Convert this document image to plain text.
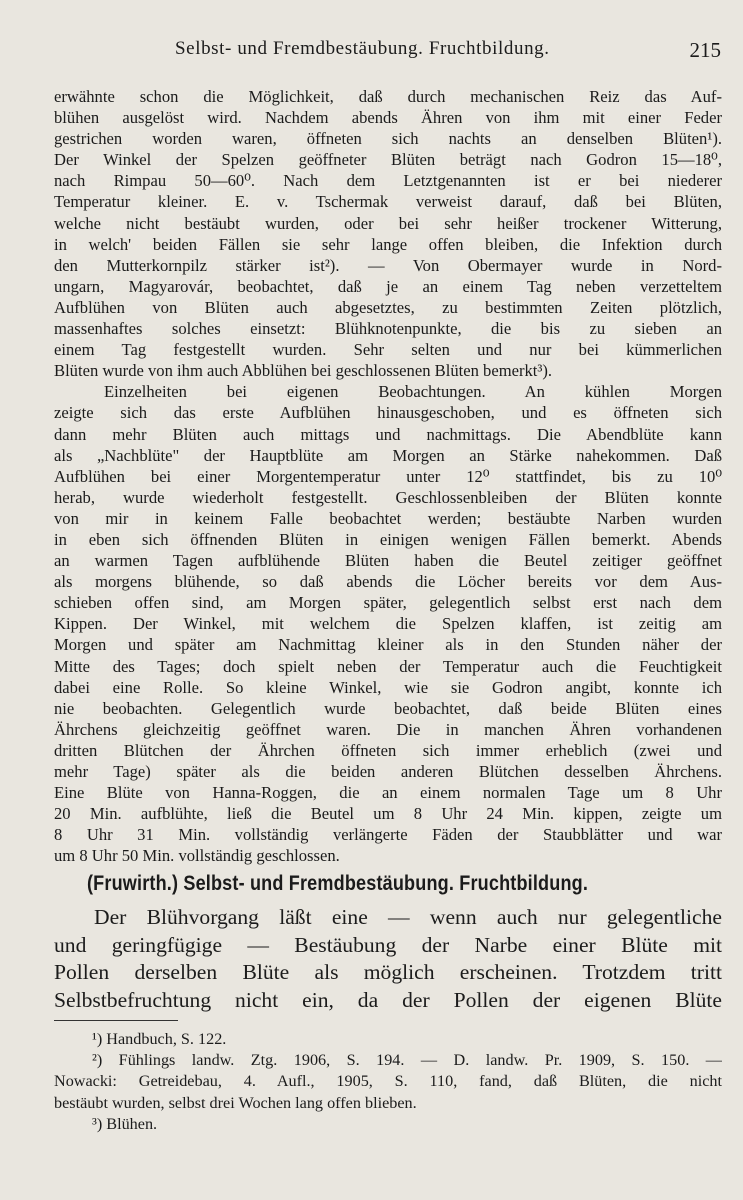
Selbst- und Fremdbestäubung. Fruchtbildung.	215
erwähnte schon die Möglichkeit, daß durch mechanischen Reiz das Auf-
blühen ausgelöst wird. Nachdem abends Ähren von ihm mit einer Feder
gestrichen worden waren, öffneten sich nachts an denselben Blüten¹).
Der Winkel der Spelzen geöffneter Blüten beträgt nach Godron 15—18⁰,
nach Rimpau 50—60⁰. Nach dem Letztgenannten ist er bei niederer
Temperatur kleiner. E. v. Tschermak verweist darauf, daß bei Blüten,
welche nicht bestäubt wurden, oder bei sehr heißer trockener Witterung,
in welch' beiden Fällen sie sehr lange offen bleiben, die Infektion durch
den Mutterkornpilz stärker ist²). — Von Obermayer wurde in Nord-
ungarn, Magyarovár, beobachtet, daß je an einem Tag neben verzetteltem
Aufblühen von Blüten auch abgesetztes, zu bestimmten Zeiten plötzlich,
massenhaftes solches einsetzt: Blühknotenpunkte, die bis zu sieben an
einem Tag festgestellt wurden. Sehr selten und nur bei kümmerlichen
Blüten wurde von ihm auch Abblühen bei geschlossenen Blüten bemerkt³).
Einzelheiten bei eigenen Beobachtungen. An kühlen Morgen
zeigte sich das erste Aufblühen hinausgeschoben, und es öffneten sich
dann mehr Blüten auch mittags und nachmittags. Die Abendblüte kann
als „Nachblüte" der Hauptblüte am Morgen an Stärke nahekommen. Daß
Aufblühen bei einer Morgentemperatur unter 12⁰ stattfindet, bis zu 10⁰
herab, wurde wiederholt festgestellt. Geschlossenbleiben der Blüten konnte
von mir in keinem Falle beobachtet werden; bestäubte Narben wurden
in eben sich öffnenden Blüten in einigen wenigen Fällen bemerkt. Abends
an warmen Tagen aufblühende Blüten haben die Beutel zeitiger geöffnet
als morgens blühende, so daß abends die Löcher bereits vor dem Aus-
schieben offen sind, am Morgen später, gelegentlich selbst erst nach dem
Kippen. Der Winkel, mit welchem die Spelzen klaffen, ist zeitig am
Morgen und später am Nachmittag kleiner als in den Stunden näher der
Mitte des Tages; doch spielt neben der Temperatur auch die Feuchtigkeit
dabei eine Rolle. So kleine Winkel, wie sie Godron angibt, konnte ich
nie beobachten. Gelegentlich wurde beobachtet, daß beide Blüten eines
Ährchens gleichzeitig geöffnet waren. Die in manchen Ähren vorhandenen
dritten Blütchen der Ährchen öffneten sich immer erheblich (zwei und
mehr Tage) später als die beiden anderen Blütchen desselben Ährchens.
Eine Blüte von Hanna-Roggen, die an einem normalen Tage um 8 Uhr
20 Min. aufblühte, ließ die Beutel um 8 Uhr 24 Min. kippen, zeigte um
8 Uhr 31 Min. vollständig verlängerte Fäden der Staubblätter und war
um 8 Uhr 50 Min. vollständig geschlossen.
(Fruwirth.) Selbst- und Fremdbestäubung. Fruchtbildung.
Der Blühvorgang läßt eine — wenn auch nur gelegentliche
und geringfügige — Bestäubung der Narbe einer Blüte mit
Pollen derselben Blüte als möglich erscheinen. Trotzdem tritt
Selbstbefruchtung nicht ein, da der Pollen der eigenen Blüte
¹) Handbuch, S. 122.
²) Fühlings landw. Ztg. 1906, S. 194. — D. landw. Pr. 1909, S. 150. —
Nowacki: Getreidebau, 4. Aufl., 1905, S. 110, fand, daß Blüten, die nicht
bestäubt wurden, selbst drei Wochen lang offen blieben.
³) Blühen.
